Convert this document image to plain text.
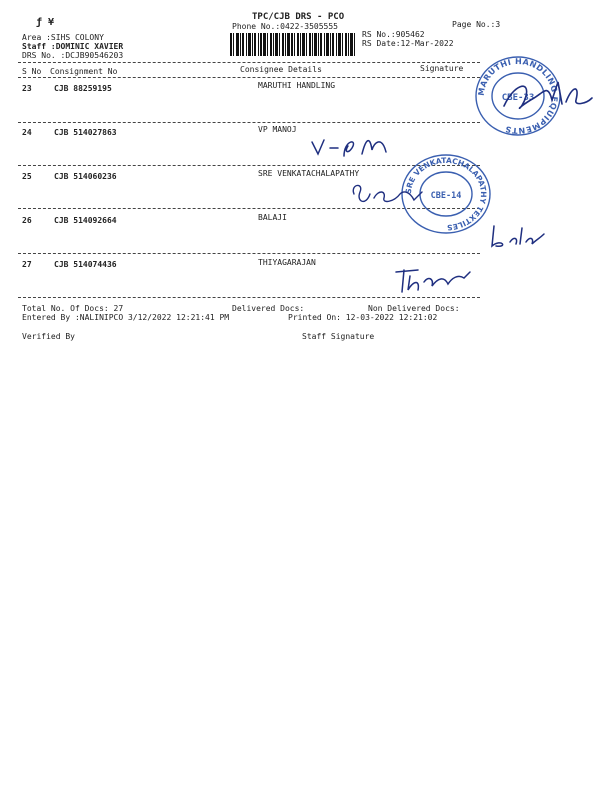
ƒ ¥	TPC/CJB DRS - PCO
Phone No.:0422-3505555	Page No.:3
Area :SIHS COLONY
Staff :DOMINIC XAVIER
DRS No. :DCJB90546203
RS No.:905462
RS Date:12-Mar-2022
S No Consignment No	Consignee Details	Signature
23	CJB 88259195	MARUTHI HANDLING
24	CJB 514027863	VP MANOJ
25	CJB 514060236	SRE VENKATACHALAPATHY
26	CJB 514092664	BALAJI
27	CJB 514074436	THIYAGARAJAN
Total No. Of Docs: 27	Delivered Docs:	Non Delivered Docs:
Entered By :NALINIPCO 3/12/2022 12:21:41 PM	Printed On: 12-03-2022 12:21:02
Verified By	Staff Signature
MARUTHI HANDLING EQUIPMENTS
CBE-33
SRE VENKATACHALAPATHY TEXTILES
CBE-14
